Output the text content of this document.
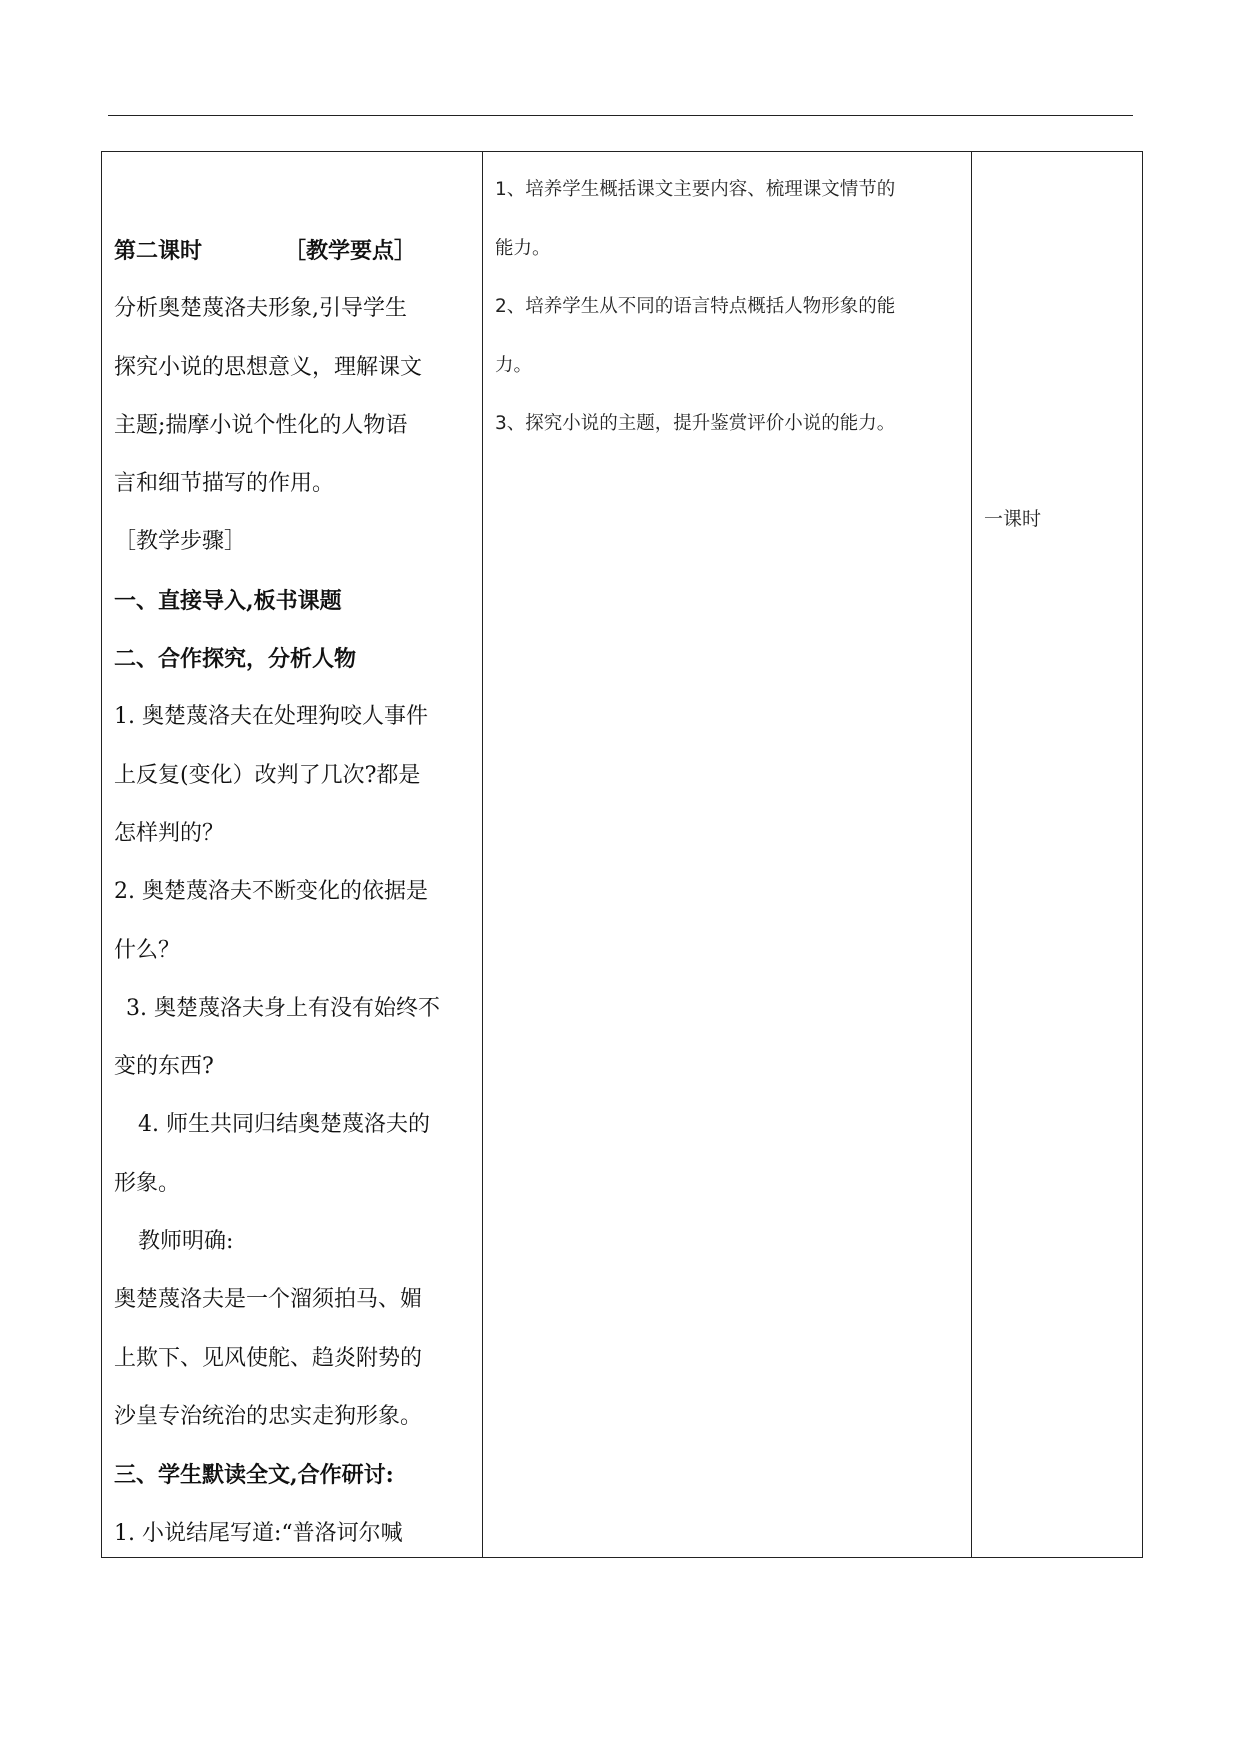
第二课时	［教学要点］
分析奥楚蔑洛夫形象,引导学生
探究小说的思想意义，理解课文
主题;揣摩小说个性化的人物语
言和细节描写的作用。
［教学步骤］
一、直接导入,板书课题
二、合作探究，分析人物
1. 奥楚蔑洛夫在处理狗咬人事件
上反复(变化）改判了几次?都是
怎样判的？
2. 奥楚蔑洛夫不断变化的依据是
什么？
3. 奥楚蔑洛夫身上有没有始终不
变的东西?
4. 师生共同归结奥楚蔑洛夫的
形象。
教师明确:
奥楚蔑洛夫是一个溜须拍马、媚
上欺下、见风使舵、趋炎附势的
沙皇专治统治的忠实走狗形象。
三、学生默读全文,合作研讨:
1. 小说结尾写道:“普洛诃尔喊
1、培养学生概括课文主要内容、梳理课文情节的
能力。
2、培养学生从不同的语言特点概括人物形象的能
力。
3、探究小说的主题，提升鉴赏评价小说的能力。
一课时
